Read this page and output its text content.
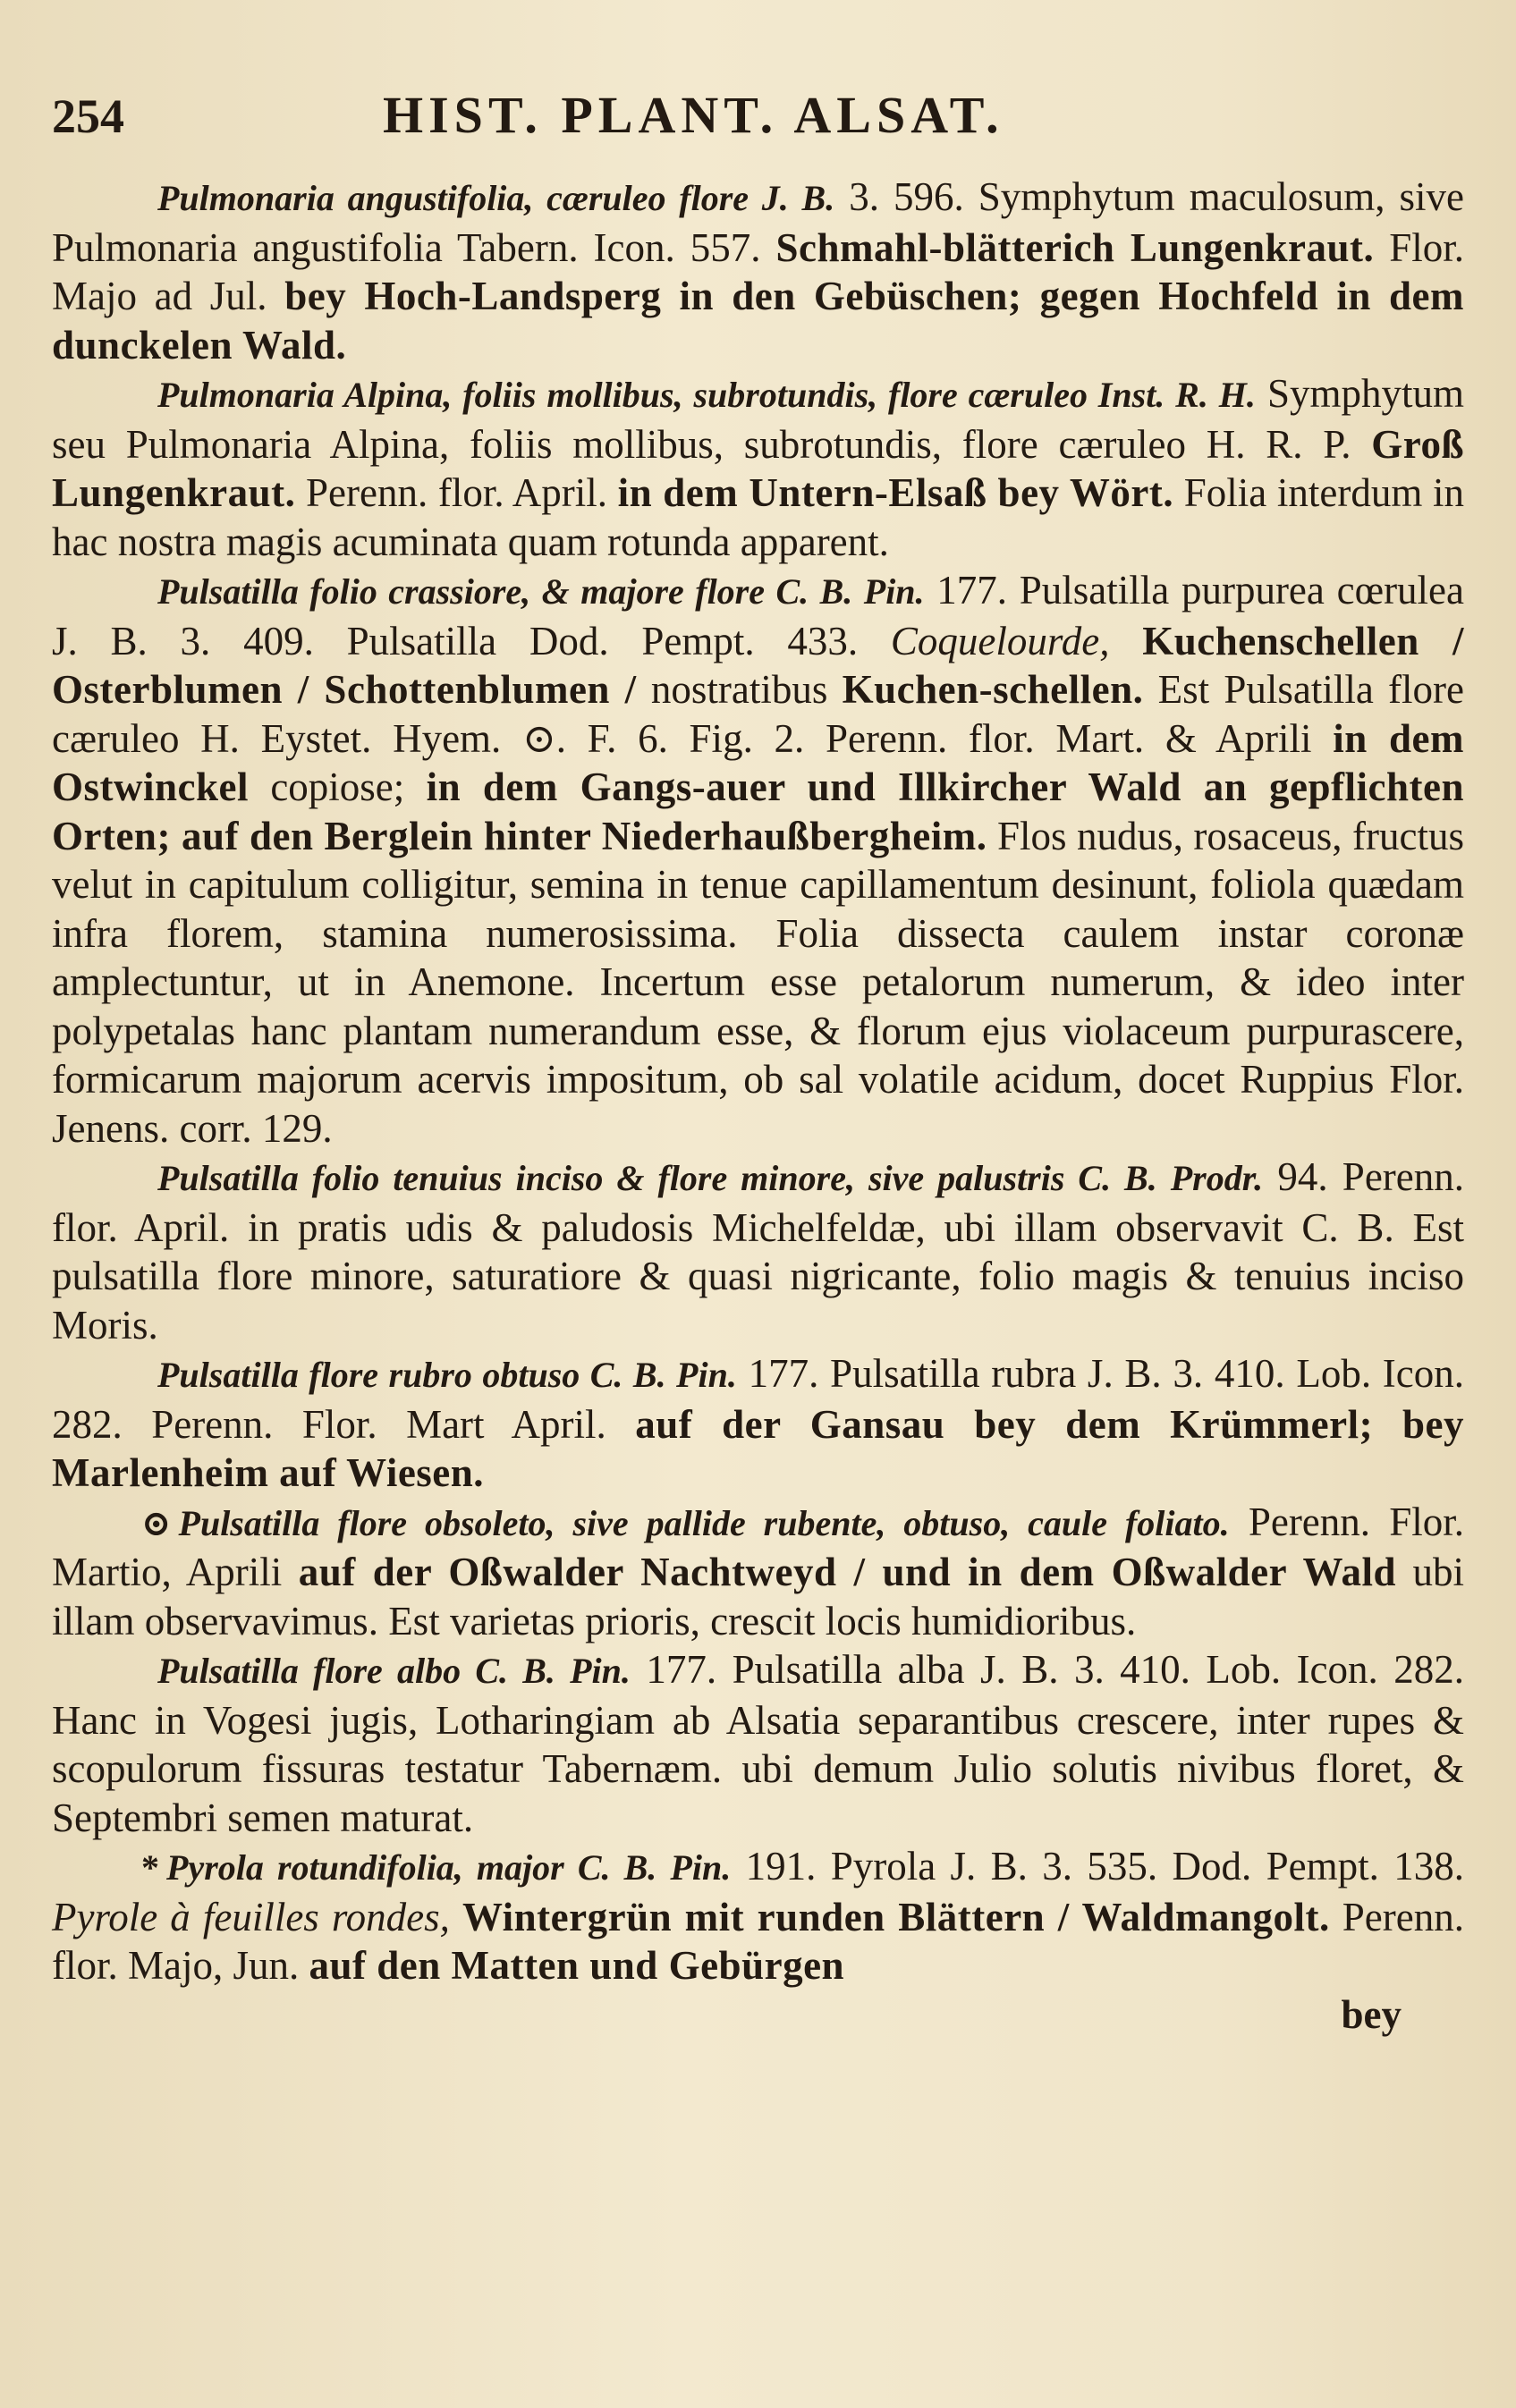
254	HIST. PLANT. ALSAT.

Pulmonaria angustifolia, cæruleo flore J. B. 3. 596. Symphytum maculosum, sive Pulmonaria angustifolia Tabern. Icon. 557. Schmahl-blätterich Lungenkraut. Flor. Majo ad Jul. bey Hoch-Landsperg in den Gebüschen; gegen Hochfeld in dem dunckelen Wald.

Pulmonaria Alpina, foliis mollibus, subrotundis, flore cæruleo Inst. R. H. Symphytum seu Pulmonaria Alpina, foliis mollibus, subrotundis, flore cæruleo H. R. P. Groß Lungenkraut. Perenn. flor. April. in dem Untern-Elsaß bey Wört. Folia interdum in hac nostra magis acuminata quam rotunda apparent.

Pulsatilla folio crassiore, & majore flore C. B. Pin. 177. Pulsatilla purpurea cœrulea J. B. 3. 409. Pulsatilla Dod. Pempt. 433. Coquelourde, Kuchenschellen / Osterblumen / Schottenblumen / nostratibus Kuchen-schellen. Est Pulsatilla flore cæruleo H. Eystet. Hyem. ⊙. F. 6. Fig. 2. Perenn. flor. Mart. & Aprili in dem Ostwinckel copiose; in dem Gangs-auer und Illkircher Wald an gepflichten Orten; auf den Berglein hinter Niederhaußbergheim. Flos nudus, rosaceus, fructus velut in capitulum colligitur, semina in tenue capillamentum desinunt, foliola quædam infra florem, stamina numerosissima. Folia dissecta caulem instar coronæ amplectuntur, ut in Anemone. Incertum esse petalorum numerum, & ideo inter polypetalas hanc plantam numerandum esse, & florum ejus violaceum purpurascere, formicarum majorum acervis impositum, ob sal volatile acidum, docet Ruppius Flor. Jenens. corr. 129.

Pulsatilla folio tenuius inciso & flore minore, sive palustris C. B. Prodr. 94. Perenn. flor. April. in pratis udis & paludosis Michelfeldæ, ubi illam observavit C. B. Est pulsatilla flore minore, saturatiore & quasi nigricante, folio magis & tenuius inciso Moris.

Pulsatilla flore rubro obtuso C. B. Pin. 177. Pulsatilla rubra J. B. 3. 410. Lob. Icon. 282. Perenn. Flor. Mart April. auf der Gansau bey dem Krümmerl; bey Marlenheim auf Wiesen.

⊙ Pulsatilla flore obsoleto, sive pallide rubente, obtuso, caule foliato. Perenn. Flor. Martio, Aprili auf der Oßwalder Nachtweyd / und in dem Oßwalder Wald ubi illam observavimus. Est varietas prioris, crescit locis humidioribus.

Pulsatilla flore albo C. B. Pin. 177. Pulsatilla alba J. B. 3. 410. Lob. Icon. 282. Hanc in Vogesi jugis, Lotharingiam ab Alsatia separantibus crescere, inter rupes & scopulorum fissuras testatur Tabernæm. ubi demum Julio solutis nivibus floret, & Septembri semen maturat.

* Pyrola rotundifolia, major C. B. Pin. 191. Pyrola J. B. 3. 535. Dod. Pempt. 138. Pyrole à feuilles rondes, Wintergrün mit runden Blättern / Waldmangolt. Perenn. flor. Majo, Jun. auf den Matten und Gebürgen

bey
